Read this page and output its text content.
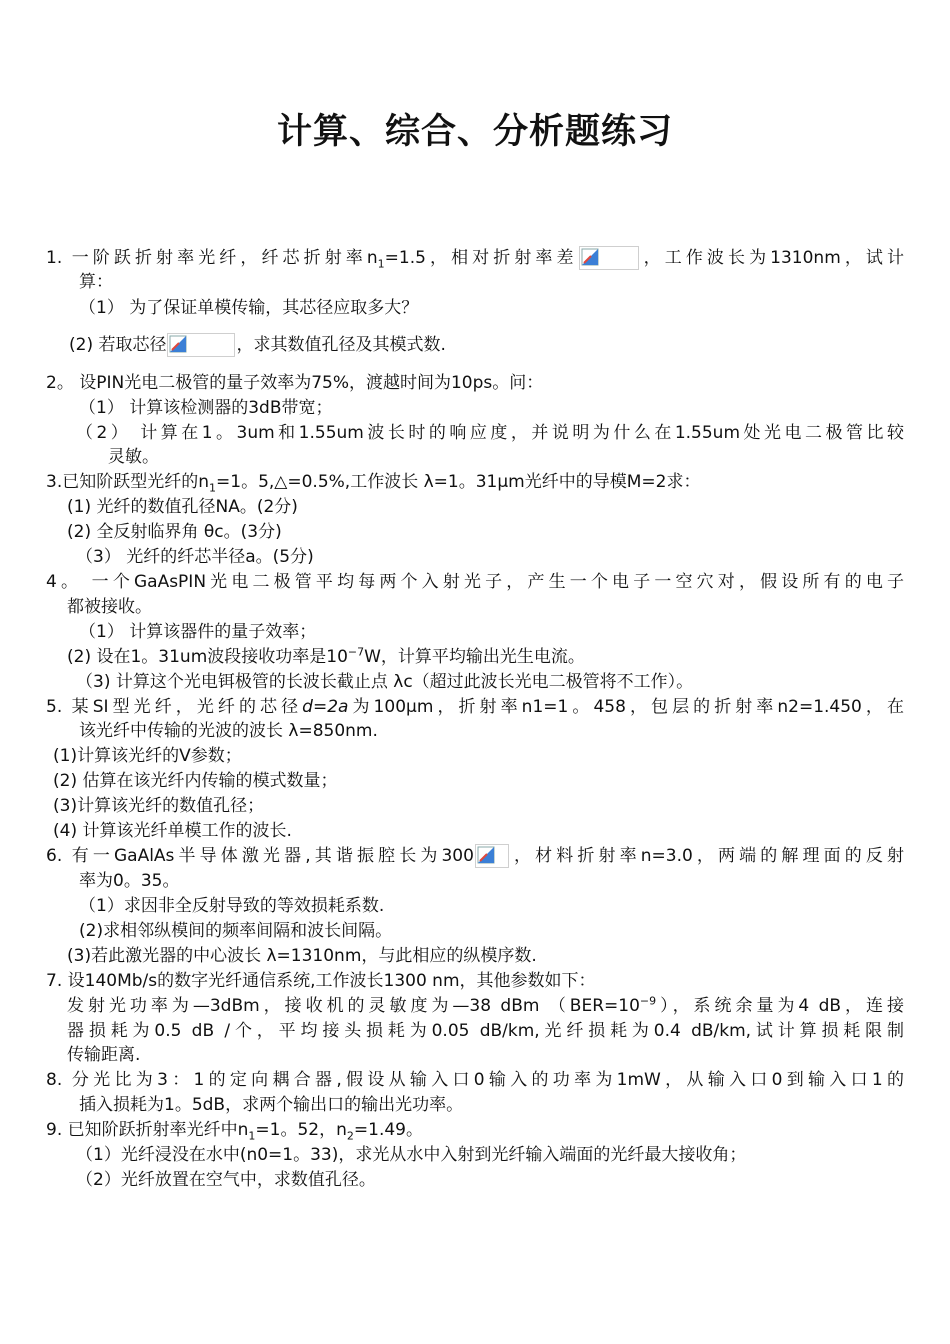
计算、综合、分析题练习
1. 一阶跃折射率光纤，纤芯折射率$n_1=1.5$，相对折射率差	，工作波长为1310nm，试计
算：
（1） 为了保证单模传输，其芯径应取多大？
(2) 若取芯径	，求其数值孔径及其模式数.
2。 设PIN光电二极管的量子效率为75%，渡越时间为10ps。问：
（1） 计算该检测器的3dB带宽；
（2） 计算在1。3um和1.55um波长时的响应度，并说明为什么在1.55um处光电二极管比较
灵敏。
3.已知阶跃型光纤的$n_1=1$。5,△=0.5%,工作波长 λ=1。31μm光纤中的导模M=2求：
(1) 光纤的数值孔径NA。(2分)
(2) 全反射临界角 θc。(3分)
（3） 光纤的纤芯半径a。(5分)
4。 一个GaAsPIN光电二极管平均每两个入射光子，产生一个电子一空穴对，假设所有的电子
都被接收。
（1） 计算该器件的量子效率；
(2) 设在1。31um波段接收功率是$10^{-7}W$，计算平均输出光生电流。
（3) 计算这个光电铒极管的长波长截止点 λc（超过此波长光电二极管将不工作）。
5. 某SI型光纤，光纤的芯径d=2a为100μm，折射率n1=1。458，包层的折射率n2=1.450，在
该光纤中传输的光波的波长 λ=850nm.
(1)计算该光纤的V参数；
(2) 估算在该光纤内传输的模式数量；
(3)计算该光纤的数值孔径；
(4) 计算该光纤单模工作的波长.
6. 有一GaAlAs半导体激光器,其谐振腔长为300 ，材料折射率n=3.0，两端的解理面的反射
率为0。35。
（1）求因非全反射导致的等效损耗系数.
(2)求相邻纵模间的频率间隔和波长间隔。
(3)若此激光器的中心波长 λ=1310nm，与此相应的纵模序数.
7. 设140Mb/s的数字光纤通信系统,工作波长1300 nm，其他参数如下：
发射光功率为—3dBm，接收机的灵敏度为—38 dBm $(BER=10^{-9})$，系统余量为4 dB，连接
器损耗为0.5 dB /个，平均接头损耗为0.05 dB/km,光纤损耗为0.4 dB/km,试计算损耗限制
传输距离.
8. 分光比为3：1的定向耦合器,假设从输入口0输入的功率为1mW，从输入口0到输入口1的
插入损耗为1。5dB，求两个输出口的输出光功率。
9. 已知阶跃折射率光纤中$n_1=1$。52，$n_2=1.49$。
（1）光纤浸没在水中(n0=1。33)，求光从水中入射到光纤输入端面的光纤最大接收角；
（2）光纤放置在空气中，求数值孔径。
